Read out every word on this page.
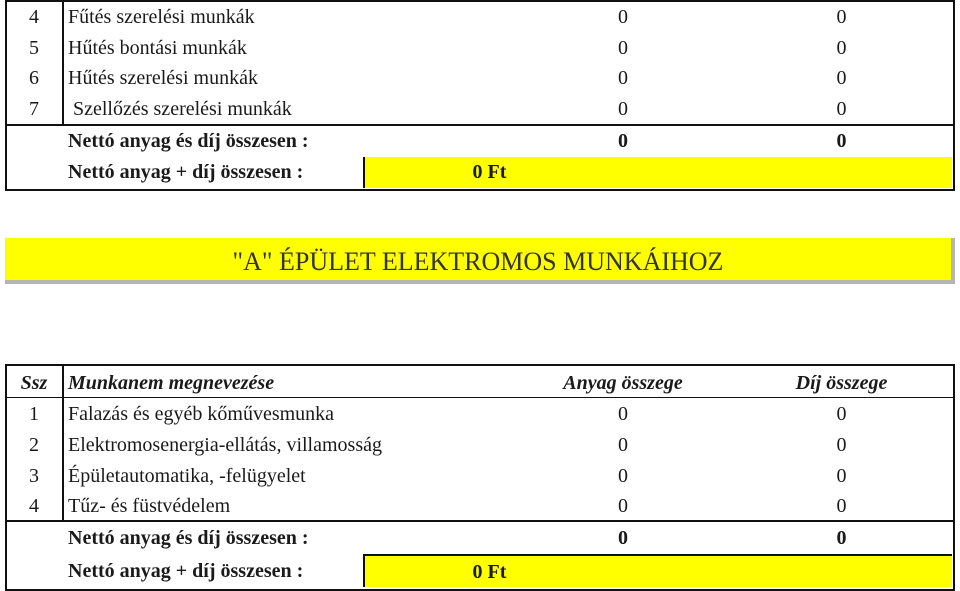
4	Fűtés szerelési munkák	0	0
5	Hűtés bontási munkák	0	0
6	Hűtés szerelési munkák	0	0
7	Szellőzés szerelési munkák	0	0
Nettó anyag és díj összesen :	0	0
Nettó anyag + díj összesen :	0 Ft
"A" ÉPÜLET ELEKTROMOS MUNKÁIHOZ
Ssz	Munkanem megnevezése	Anyag összege	Díj összege
1	Falazás és egyéb kőművesmunka	0	0
2	Elektromosenergia-ellátás, villamosság	0	0
3	Épületautomatika, -felügyelet	0	0
4	Tűz- és füstvédelem	0	0
Nettó anyag és díj összesen :	0	0
Nettó anyag + díj összesen :	0 Ft
